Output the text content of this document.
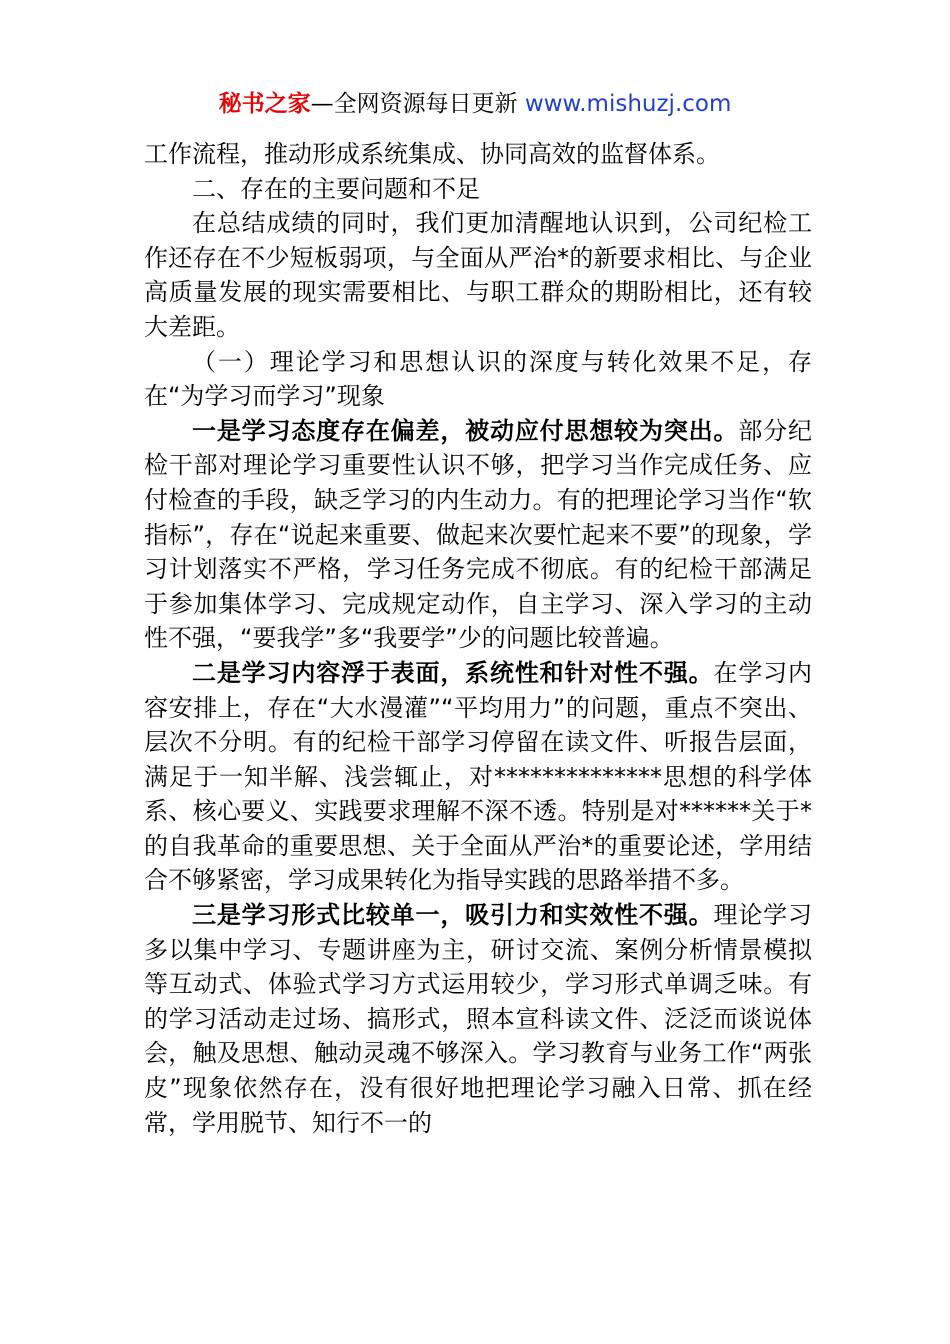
秘书之家—全网资源每日更新 www.mishuzj.com

工作流程，推动形成系统集成、协同高效的监督体系。

二、存在的主要问题和不足

在总结成绩的同时，我们更加清醒地认识到，公司纪检工作还存在不少短板弱项，与全面从严治*的新要求相比、与企业高质量发展的现实需要相比、与职工群众的期盼相比，还有较大差距。

（一）理论学习和思想认识的深度与转化效果不足，存在“为学习而学习”现象

一是学习态度存在偏差，被动应付思想较为突出。部分纪检干部对理论学习重要性认识不够，把学习当作完成任务、应付检查的手段，缺乏学习的内生动力。有的把理论学习当作“软指标”，存在“说起来重要、做起来次要忙起来不要”的现象，学习计划落实不严格，学习任务完成不彻底。有的纪检干部满足于参加集体学习、完成规定动作，自主学习、深入学习的主动性不强，“要我学”多“我要学”少的问题比较普遍。

二是学习内容浮于表面，系统性和针对性不强。在学习内容安排上，存在“大水漫灌”“平均用力”的问题，重点不突出、层次不分明。有的纪检干部学习停留在读文件、听报告层面，满足于一知半解、浅尝辄止，对**************思想的科学体系、核心要义、实践要求理解不深不透。特别是对******关于*的自我革命的重要思想、关于全面从严治*的重要论述，学用结合不够紧密，学习成果转化为指导实践的思路举措不多。

三是学习形式比较单一，吸引力和实效性不强。理论学习多以集中学习、专题讲座为主，研讨交流、案例分析情景模拟等互动式、体验式学习方式运用较少，学习形式单调乏味。有的学习活动走过场、搞形式，照本宣科读文件、泛泛而谈说体会，触及思想、触动灵魂不够深入。学习教育与业务工作“两张皮”现象依然存在，没有很好地把理论学习融入日常、抓在经常，学用脱节、知行不一的
